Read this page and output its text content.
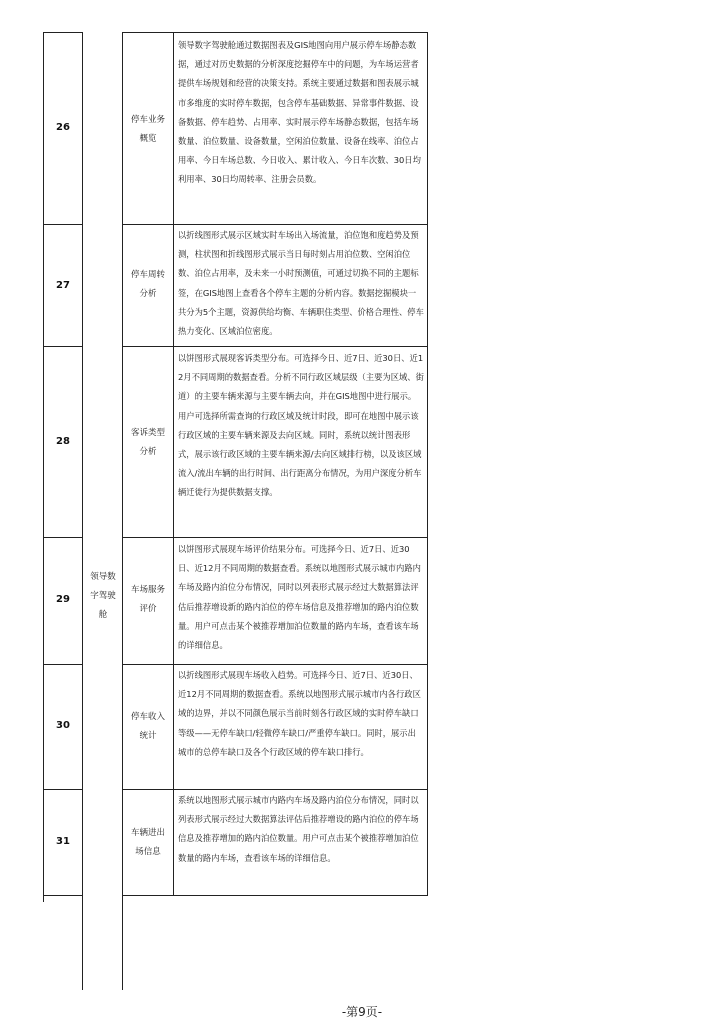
领导数
字驾驶
舱
26
停车业务
概览
领导数字驾驶舱通过数据图表及GIS地图向用户展示停车场静态数据，通过对历史数据的分析深度挖掘停车中的问题，为车场运营者提供车场规划和经营的决策支持。系统主要通过数据和图表展示城市多维度的实时停车数据，包含停车基础数据、异常事件数据、设备数据、停车趋势、占用率、实时展示停车场静态数据，包括车场数量、泊位数量、设备数量，空闲泊位数量、设备在线率、泊位占用率、今日车场总数、今日收入、累计收入、今日车次数、30日均利用率、30日均周转率、注册会员数。
27
停车周转
分析
以折线图形式展示区域实时车场出入场流量，泊位饱和度趋势及预测，柱状图和折线图形式展示当日每时刻占用泊位数、空闲泊位数、泊位占用率，及未来一小时预测值，可通过切换不同的主题标签，在GIS地图上查看各个停车主题的分析内容。数据挖掘模块一共分为5个主题，资源供给均衡、车辆职住类型、价格合理性、停车热力变化、区域泊位密度。
28
客诉类型
分析
以饼图形式展现客诉类型分布。可选择今日、近7日、近30日、近12月不同周期的数据查看。分析不同行政区域层级（主要为区域、街道）的主要车辆来源与主要车辆去向，并在GIS地图中进行展示。用户可选择所需查询的行政区域及统计时段，即可在地图中展示该行政区域的主要车辆来源及去向区域。同时，系统以统计图表形式，展示该行政区域的主要车辆来源/去向区域排行榜，以及该区域流入/流出车辆的出行时间、出行距离分布情况，为用户深度分析车辆迁徙行为提供数据支撑。
29
车场服务
评价
以饼图形式展现车场评价结果分布。可选择今日、近7日、近30日、近12月不同周期的数据查看。系统以地图形式展示城市内路内车场及路内泊位分布情况，同时以列表形式展示经过大数据算法评估后推荐增设新的路内泊位的停车场信息及推荐增加的路内泊位数量。用户可点击某个被推荐增加泊位数量的路内车场，查看该车场的详细信息。
30
停车收入
统计
以折线图形式展现车场收入趋势。可选择今日、近7日、近30日、近12月不同周期的数据查看。系统以地图形式展示城市内各行政区域的边界，并以不同颜色展示当前时刻各行政区域的实时停车缺口等级——无停车缺口/轻微停车缺口/严重停车缺口。同时，展示出城市的总停车缺口及各个行政区域的停车缺口排行。
31
车辆进出
场信息
系统以地图形式展示城市内路内车场及路内泊位分布情况，同时以列表形式展示经过大数据算法评估后推荐增设的路内泊位的停车场信息及推荐增加的路内泊位数量。用户可点击某个被推荐增加泊位数量的路内车场，查看该车场的详细信息。
-第9页-
